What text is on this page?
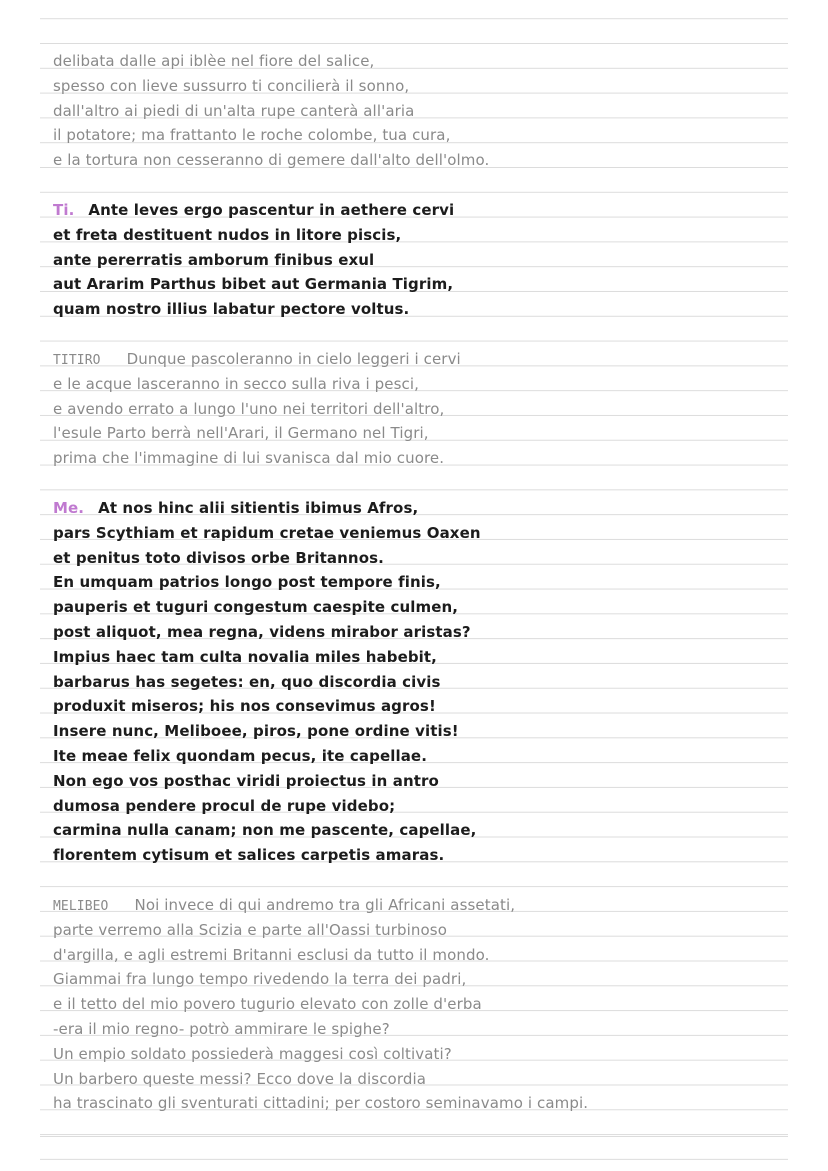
delibata dalle api iblèe nel fiore del salice,
spesso con lieve sussurro ti concilierà il sonno,
dall'altro ai piedi di un'alta rupe canterà all'aria
il potatore; ma frattanto le roche colombe, tua cura,
e la tortura non cesseranno di gemere dall'alto dell'olmo.
Ti. Ante leves ergo pascentur in aethere cervi
et freta destituent nudos in litore piscis,
ante pererratis amborum finibus exul
aut Ararim Parthus bibet aut Germania Tigrim,
quam nostro illius labatur pectore voltus.
TITIRO Dunque pascoleranno in cielo leggeri i cervi
e le acque lasceranno in secco sulla riva i pesci,
e avendo errato a lungo l'uno nei territori dell'altro,
l'esule Parto berrà nell'Arari, il Germano nel Tigri,
prima che l'immagine di lui svanisca dal mio cuore.
Me. At nos hinc alii sitientis ibimus Afros,
pars Scythiam et rapidum cretae veniemus Oaxen
et penitus toto divisos orbe Britannos.
En umquam patrios longo post tempore finis,
pauperis et tuguri congestum caespite culmen,
post aliquot, mea regna, videns mirabor aristas?
Impius haec tam culta novalia miles habebit,
barbarus has segetes: en, quo discordia civis
produxit miseros; his nos consevimus agros!
Insere nunc, Meliboee, piros, pone ordine vitis!
Ite meae felix quondam pecus, ite capellae.
Non ego vos posthac viridi proiectus in antro
dumosa pendere procul de rupe videbo;
carmina nulla canam; non me pascente, capellae,
florentem cytisum et salices carpetis amaras.
MELIBEO Noi invece di qui andremo tra gli Africani assetati,
parte verremo alla Scizia e parte all'Oassi turbinoso
d'argilla, e agli estremi Britanni esclusi da tutto il mondo.
Giammai fra lungo tempo rivedendo la terra dei padri,
e il tetto del mio povero tugurio elevato con zolle d'erba
-era il mio regno- potrò ammirare le spighe?
Un empio soldato possiederà maggesi così coltivati?
Un barbero queste messi? Ecco dove la discordia
ha trascinato gli sventurati cittadini; per costoro seminavamo i campi.
